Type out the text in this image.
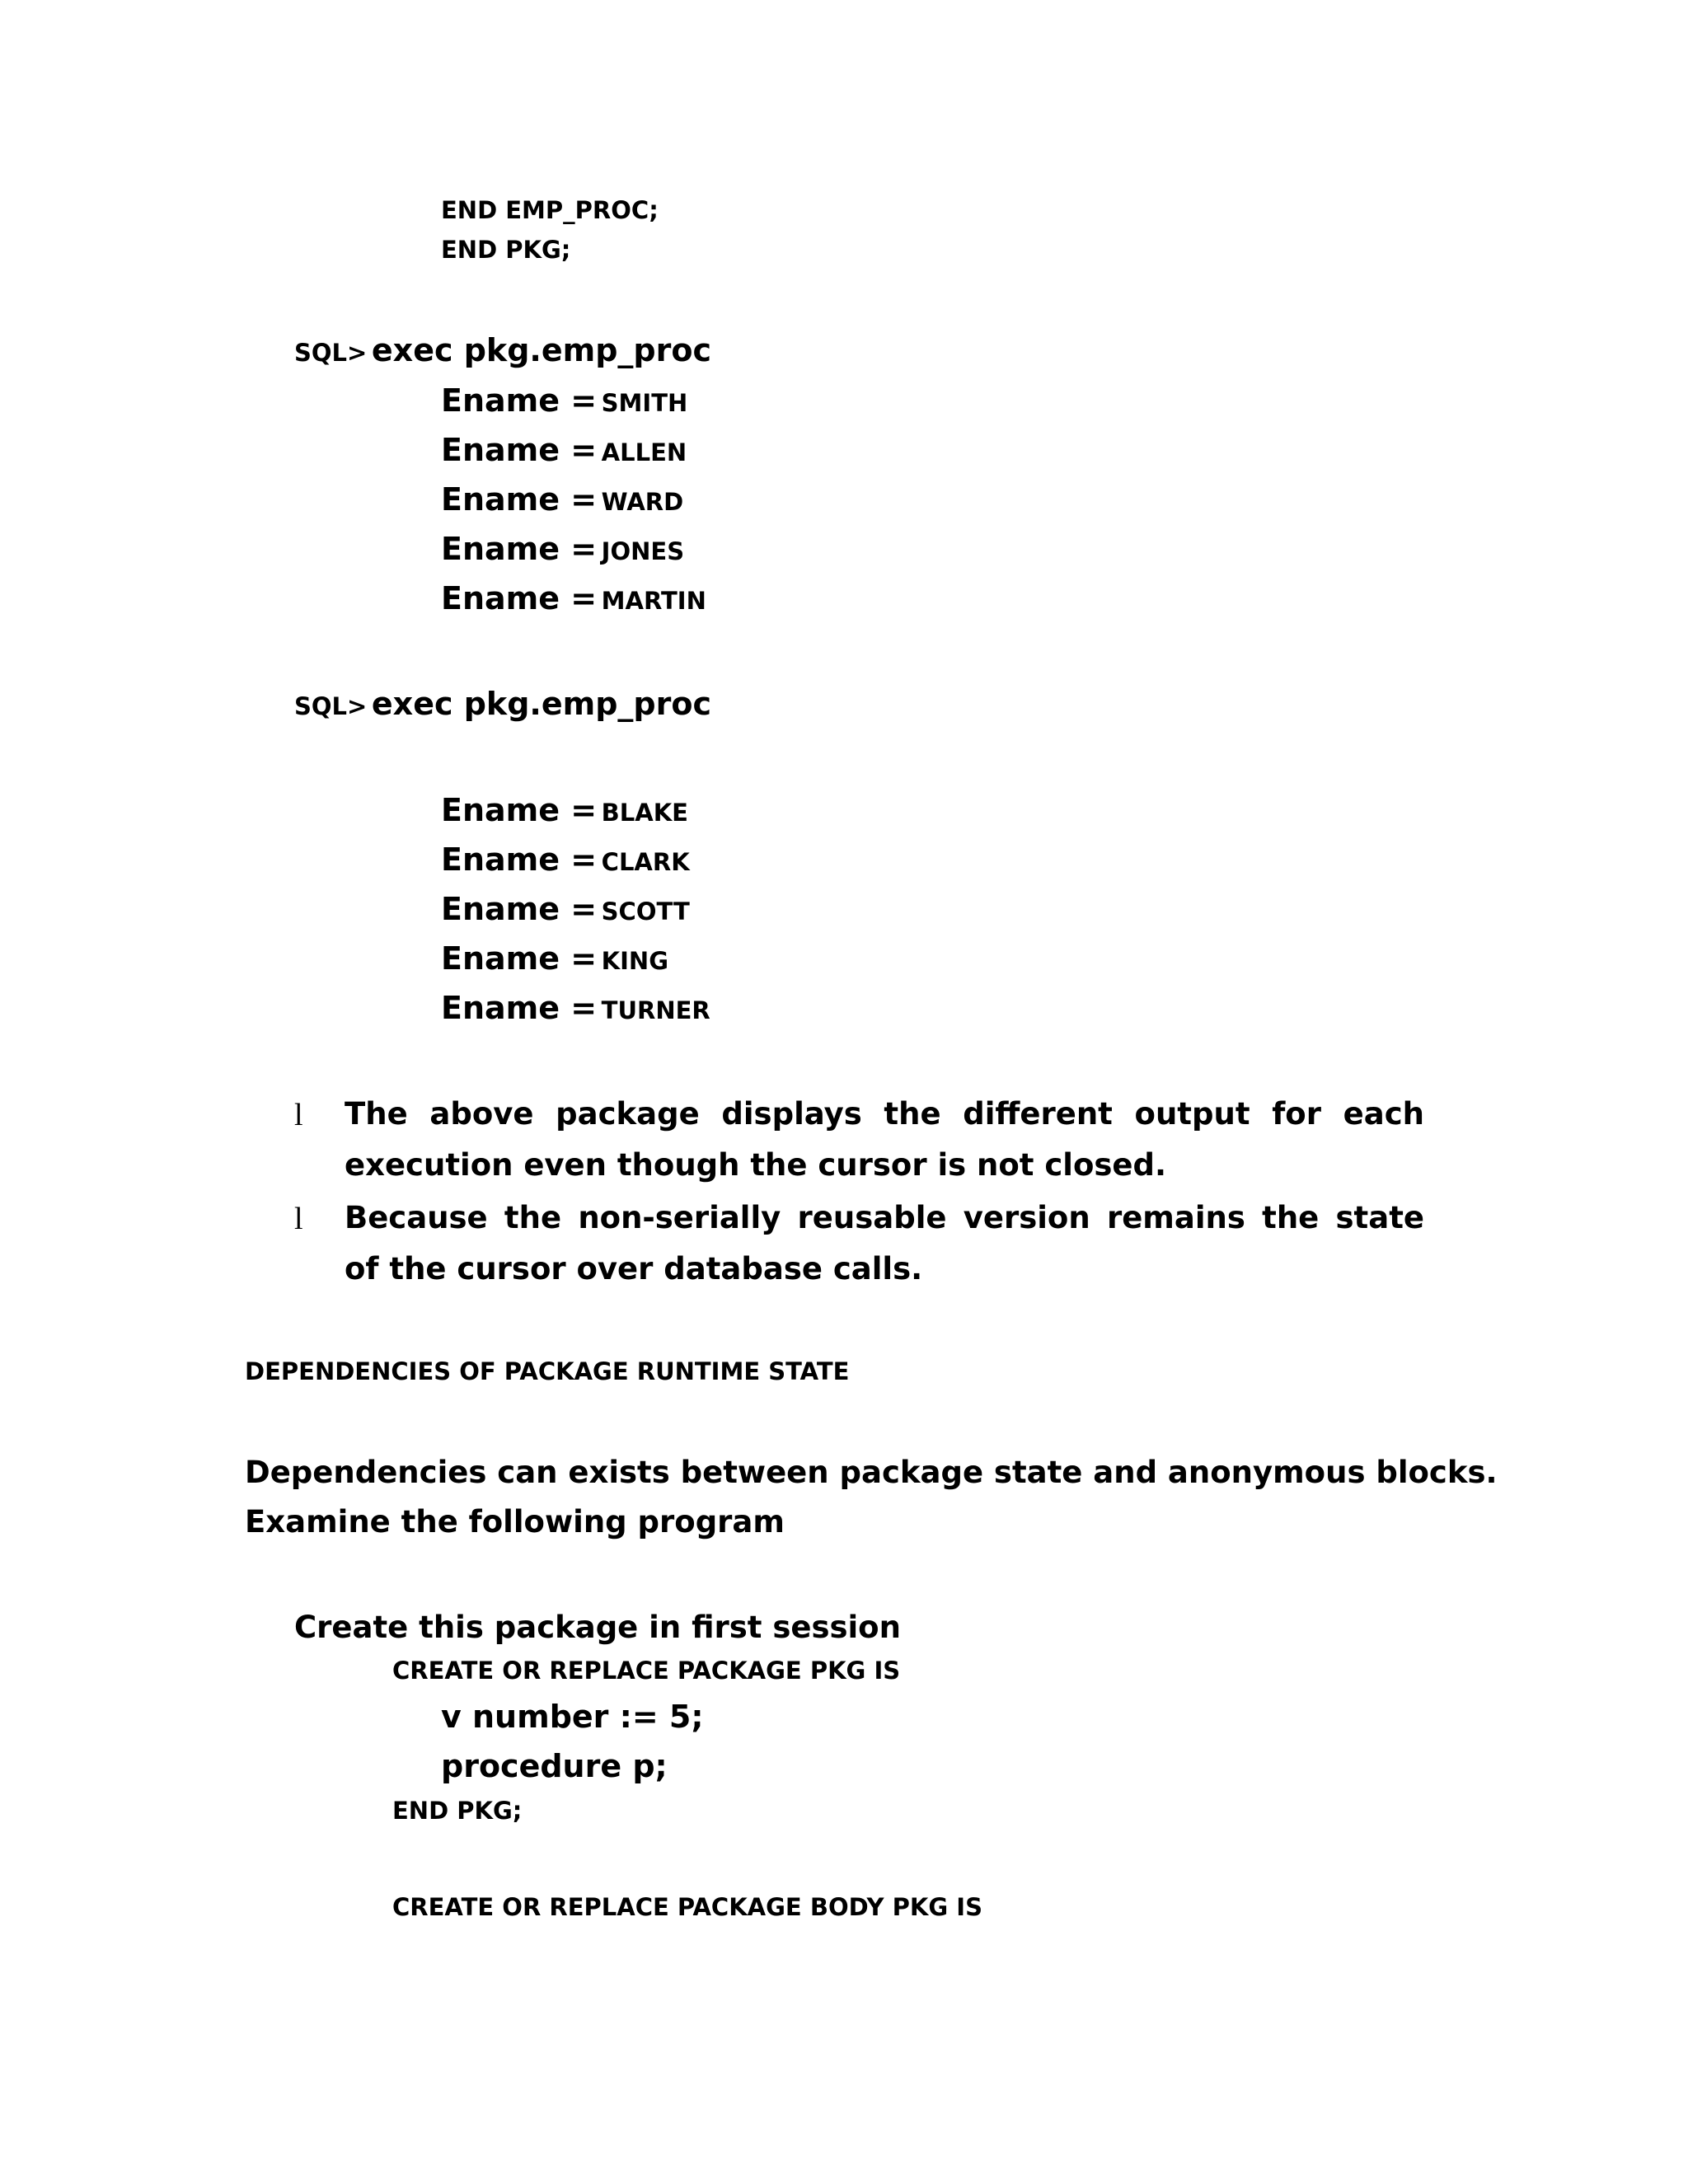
END EMP_PROC;
END PKG;
SQL> exec pkg.emp_proc
Ename = SMITH
Ename = ALLEN
Ename = WARD
Ename = JONES
Ename = MARTIN
SQL> exec pkg.emp_proc
Ename = BLAKE
Ename = CLARK
Ename = SCOTT
Ename = KING
Ename = TURNER
l The above package displays the different output for each execution even though the cursor is not closed.
l Because the non-serially reusable version remains the state of the cursor over database calls.
DEPENDENCIES OF PACKAGE RUNTIME STATE
Dependencies can exists between package state and anonymous blocks.
Examine the following program
Create this package in first session
CREATE OR REPLACE PACKAGE PKG IS
v number := 5;
procedure p;
END PKG;
CREATE OR REPLACE PACKAGE BODY PKG IS
